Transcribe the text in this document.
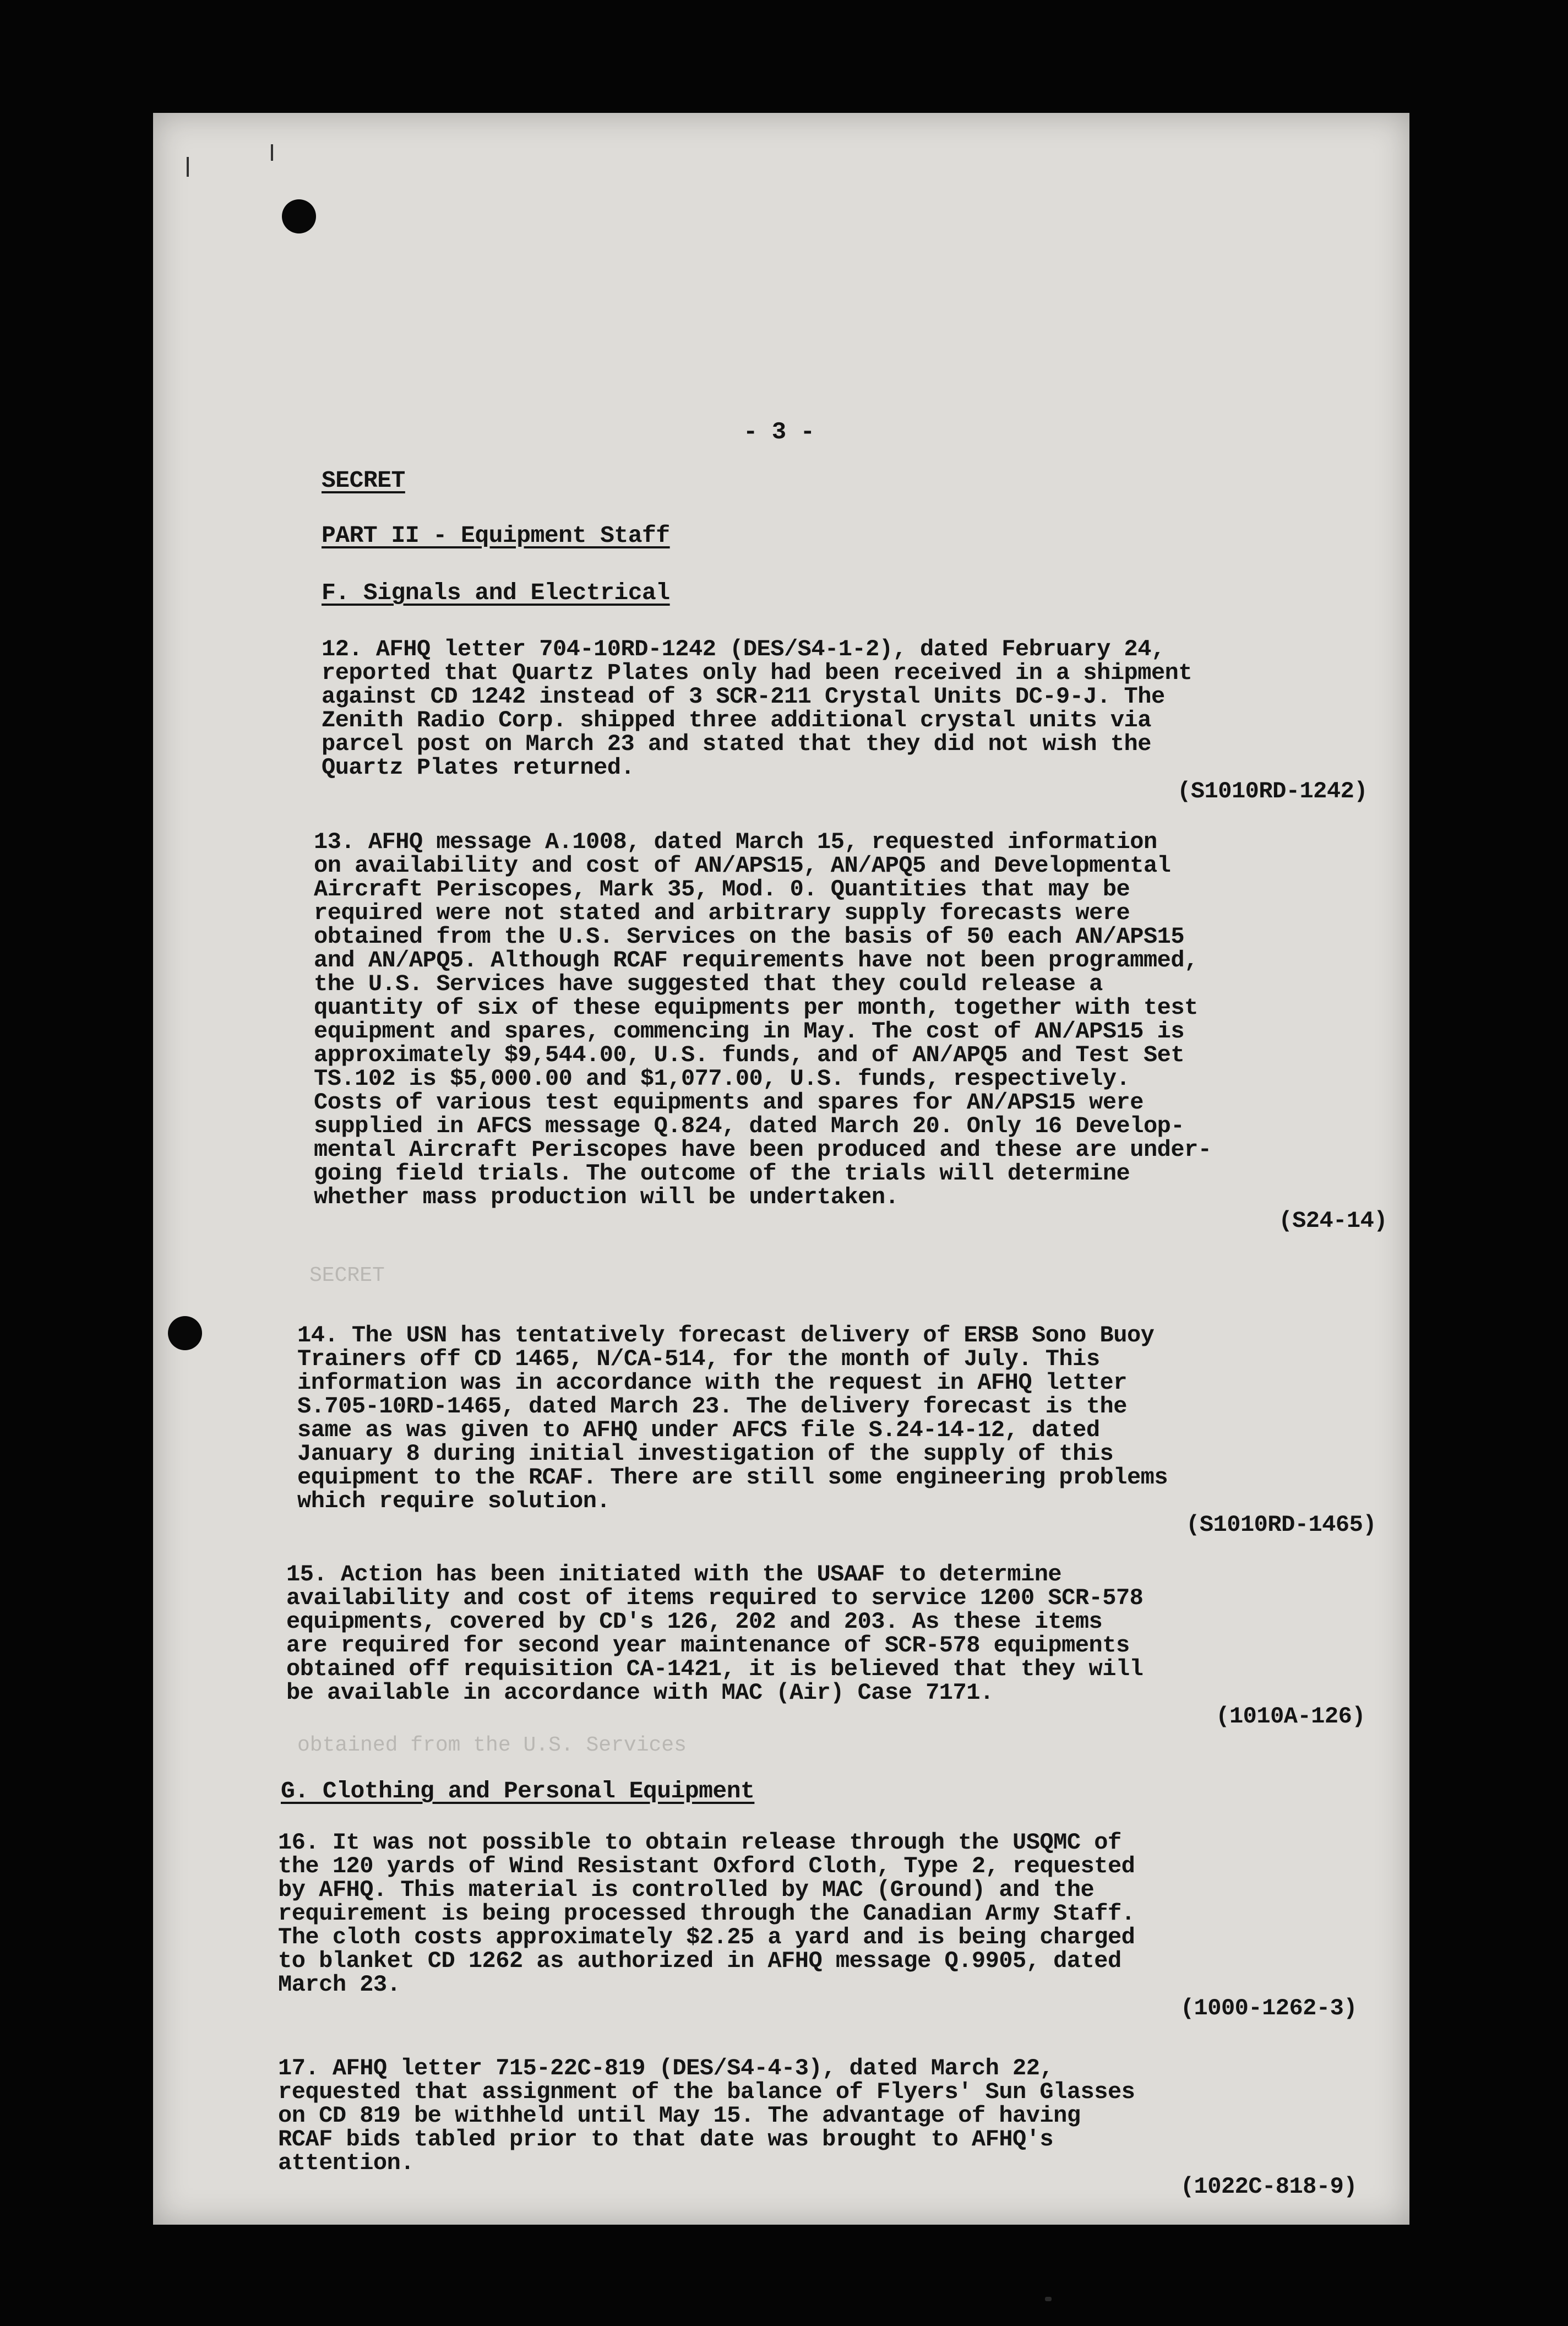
- 3 -
SECRET
PART II - Equipment Staff
F. Signals and Electrical
SECRET
obtained from the U.S. Services
12. AFHQ letter 704-10RD-1242 (DES/S4-1-2), dated February 24,
reported that Quartz Plates only had been received in a shipment
against CD 1242 instead of 3 SCR-211 Crystal Units DC-9-J. The
Zenith Radio Corp. shipped three additional crystal units via
parcel post on March 23 and stated that they did not wish the
Quartz Plates returned.
(S1010RD-1242)
13. AFHQ message A.1008, dated March 15, requested information
on availability and cost of AN/APS15, AN/APQ5 and Developmental
Aircraft Periscopes, Mark 35, Mod. 0. Quantities that may be
required were not stated and arbitrary supply forecasts were
obtained from the U.S. Services on the basis of 50 each AN/APS15
and AN/APQ5. Although RCAF requirements have not been programmed,
the U.S. Services have suggested that they could release a
quantity of six of these equipments per month, together with test
equipment and spares, commencing in May. The cost of AN/APS15 is
approximately $9,544.00, U.S. funds, and of AN/APQ5 and Test Set
TS.102 is $5,000.00 and $1,077.00, U.S. funds, respectively.
Costs of various test equipments and spares for AN/APS15 were
supplied in AFCS message Q.824, dated March 20. Only 16 Develop-
mental Aircraft Periscopes have been produced and these are under-
going field trials. The outcome of the trials will determine
whether mass production will be undertaken.
(S24-14)
14. The USN has tentatively forecast delivery of ERSB Sono Buoy
Trainers off CD 1465, N/CA-514, for the month of July. This
information was in accordance with the request in AFHQ letter
S.705-10RD-1465, dated March 23. The delivery forecast is the
same as was given to AFHQ under AFCS file S.24-14-12, dated
January 8 during initial investigation of the supply of this
equipment to the RCAF. There are still some engineering problems
which require solution.
(S1010RD-1465)
15. Action has been initiated with the USAAF to determine
availability and cost of items required to service 1200 SCR-578
equipments, covered by CD's 126, 202 and 203. As these items
are required for second year maintenance of SCR-578 equipments
obtained off requisition CA-1421, it is believed that they will
be available in accordance with MAC (Air) Case 7171.
(1010A-126)
G. Clothing and Personal Equipment
16. It was not possible to obtain release through the USQMC of
the 120 yards of Wind Resistant Oxford Cloth, Type 2, requested
by AFHQ. This material is controlled by MAC (Ground) and the
requirement is being processed through the Canadian Army Staff.
The cloth costs approximately $2.25 a yard and is being charged
to blanket CD 1262 as authorized in AFHQ message Q.9905, dated
March 23.
(1000-1262-3)
17. AFHQ letter 715-22C-819 (DES/S4-4-3), dated March 22,
requested that assignment of the balance of Flyers' Sun Glasses
on CD 819 be withheld until May 15. The advantage of having
RCAF bids tabled prior to that date was brought to AFHQ's
attention.
(1022C-818-9)
